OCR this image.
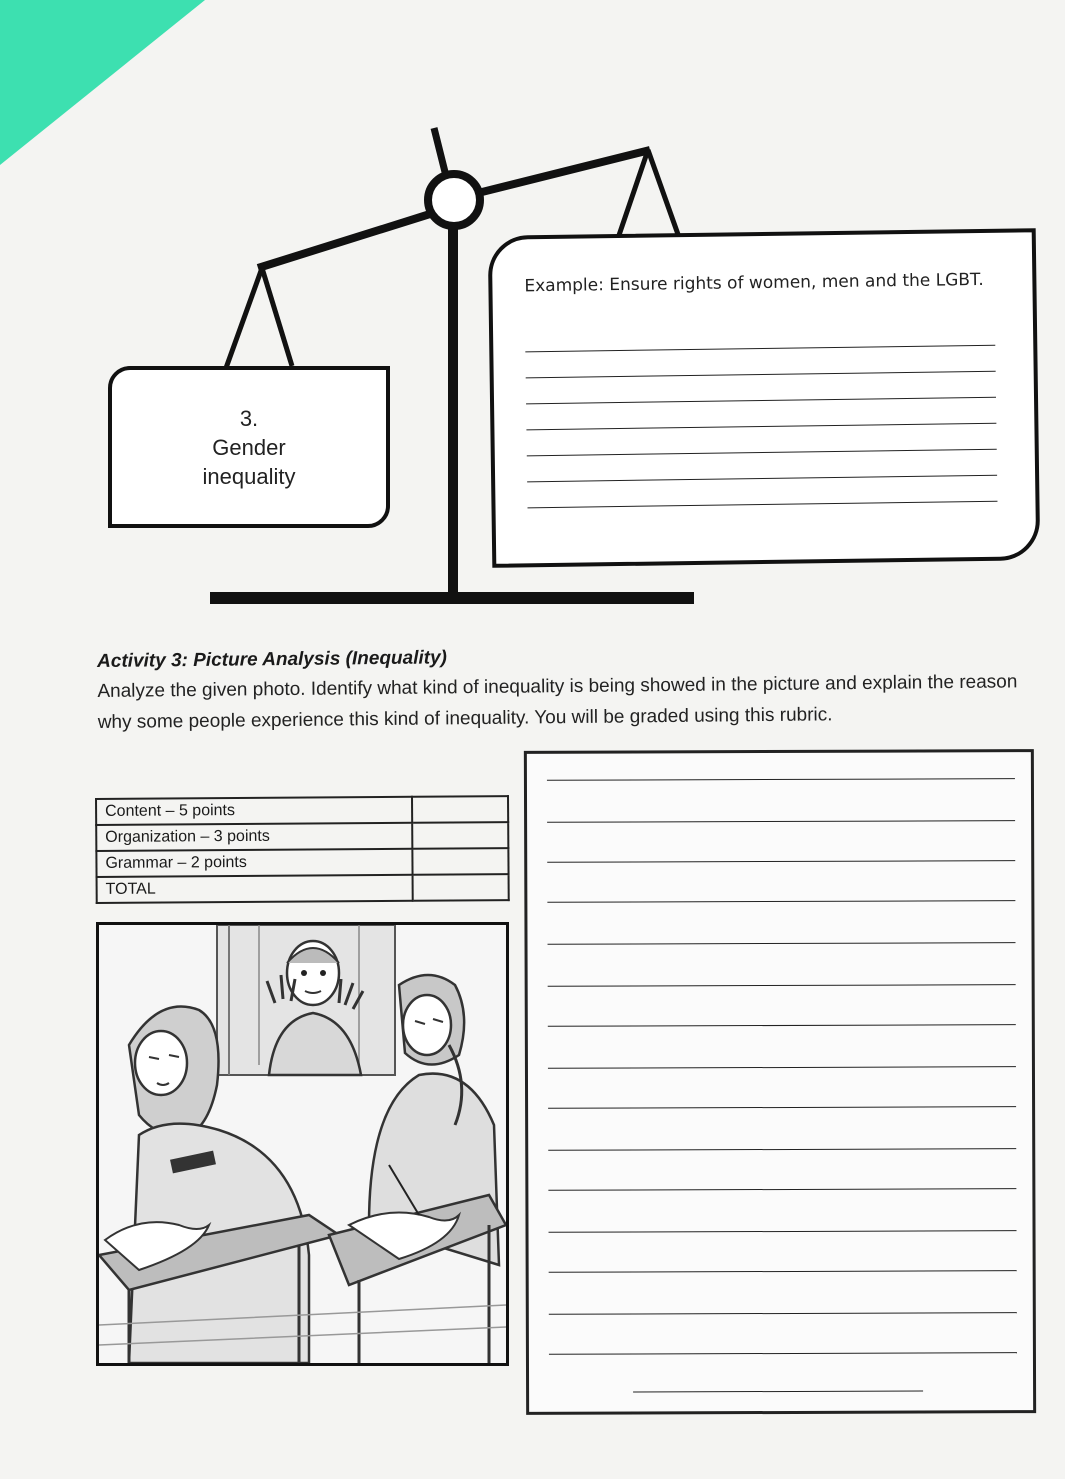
3.
Gender
inequality
Example: Ensure rights of women, men and the LGBT.
Activity 3: Picture Analysis (Inequality)

Analyze the given photo. Identify what kind of inequality is being showed in the picture and explain the reason why some people experience this kind of inequality. You will be graded using this rubric.

Content – 5 points	
Organization – 3 points	
Grammar – 2 points	
TOTAL	
